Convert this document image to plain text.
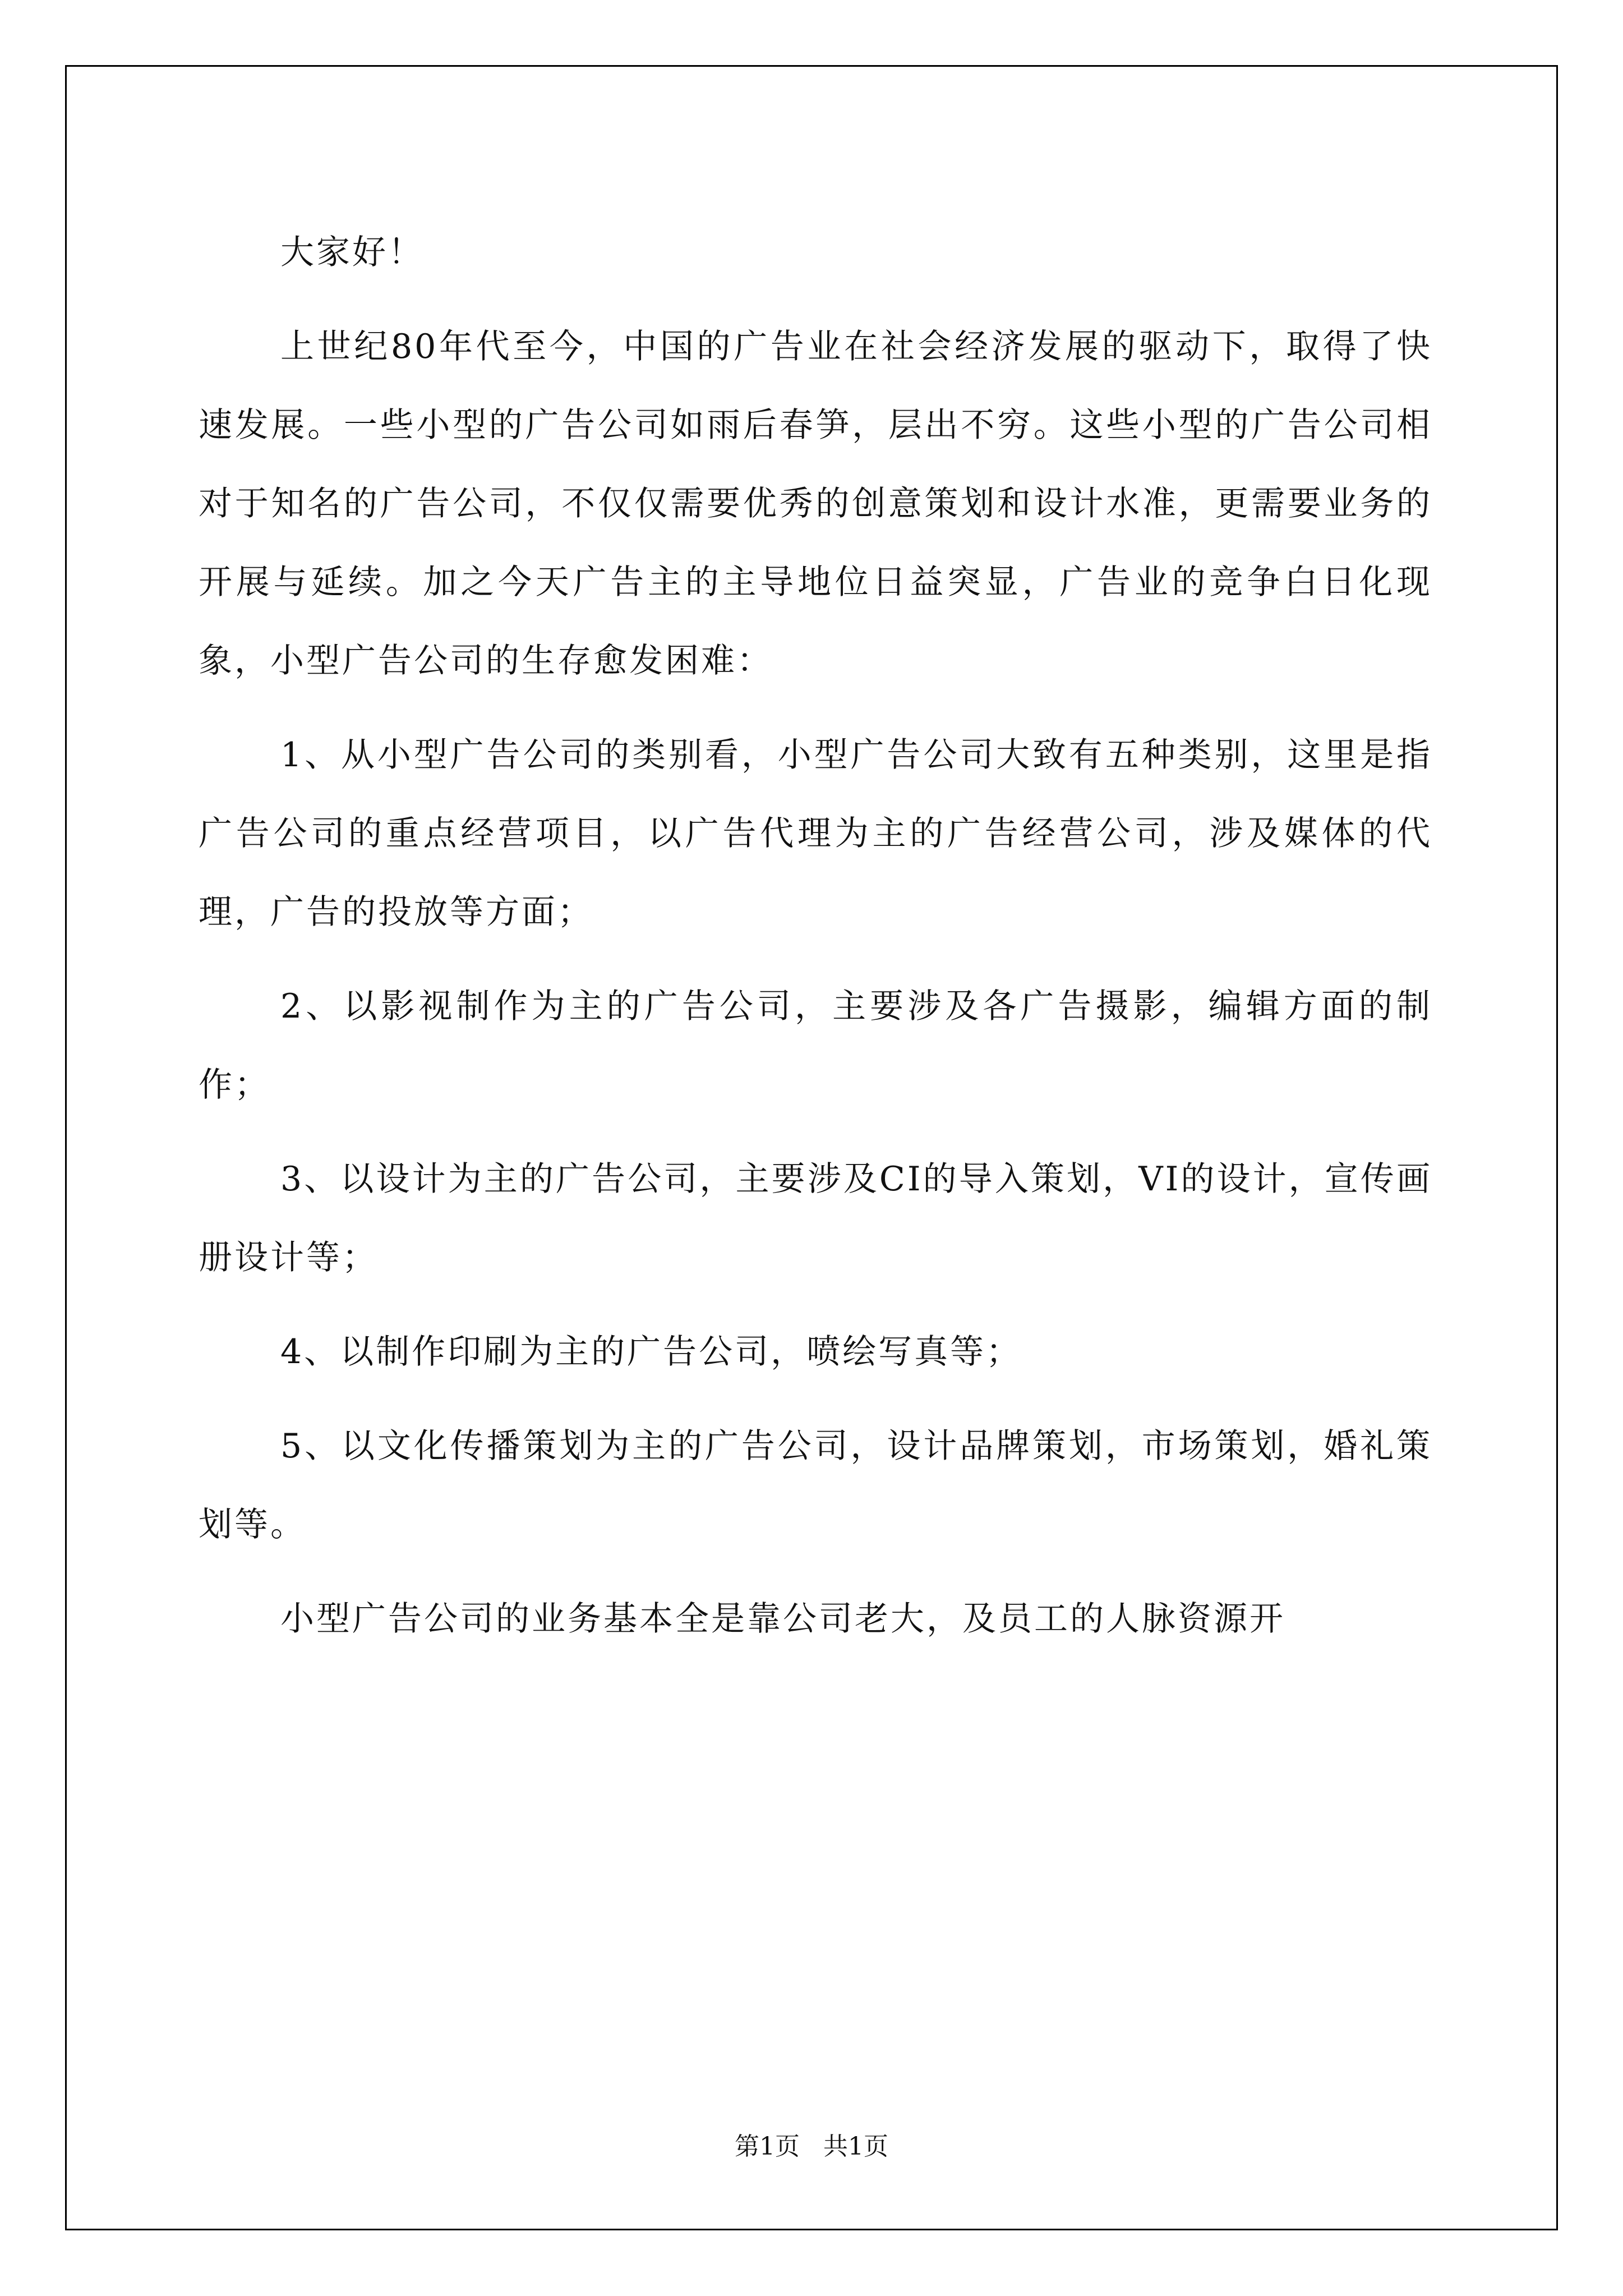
大家好！

上世纪80年代至今，中国的广告业在社会经济发展的驱动下，取得了快速发展。一些小型的广告公司如雨后春笋，层出不穷。这些小型的广告公司相对于知名的广告公司，不仅仅需要优秀的创意策划和设计水准，更需要业务的开展与延续。加之今天广告主的主导地位日益突显，广告业的竞争白日化现象，小型广告公司的生存愈发困难：

1、从小型广告公司的类别看，小型广告公司大致有五种类别，这里是指广告公司的重点经营项目，以广告代理为主的广告经营公司，涉及媒体的代理，广告的投放等方面；

2、以影视制作为主的广告公司，主要涉及各广告摄影，编辑方面的制作；

3、以设计为主的广告公司，主要涉及CI的导入策划，VI的设计，宣传画册设计等；

4、以制作印刷为主的广告公司，喷绘写真等；

5、以文化传播策划为主的广告公司，设计品牌策划，市场策划，婚礼策划等。

小型广告公司的业务基本全是靠公司老大，及员工的人脉资源开

第1页   共1页
